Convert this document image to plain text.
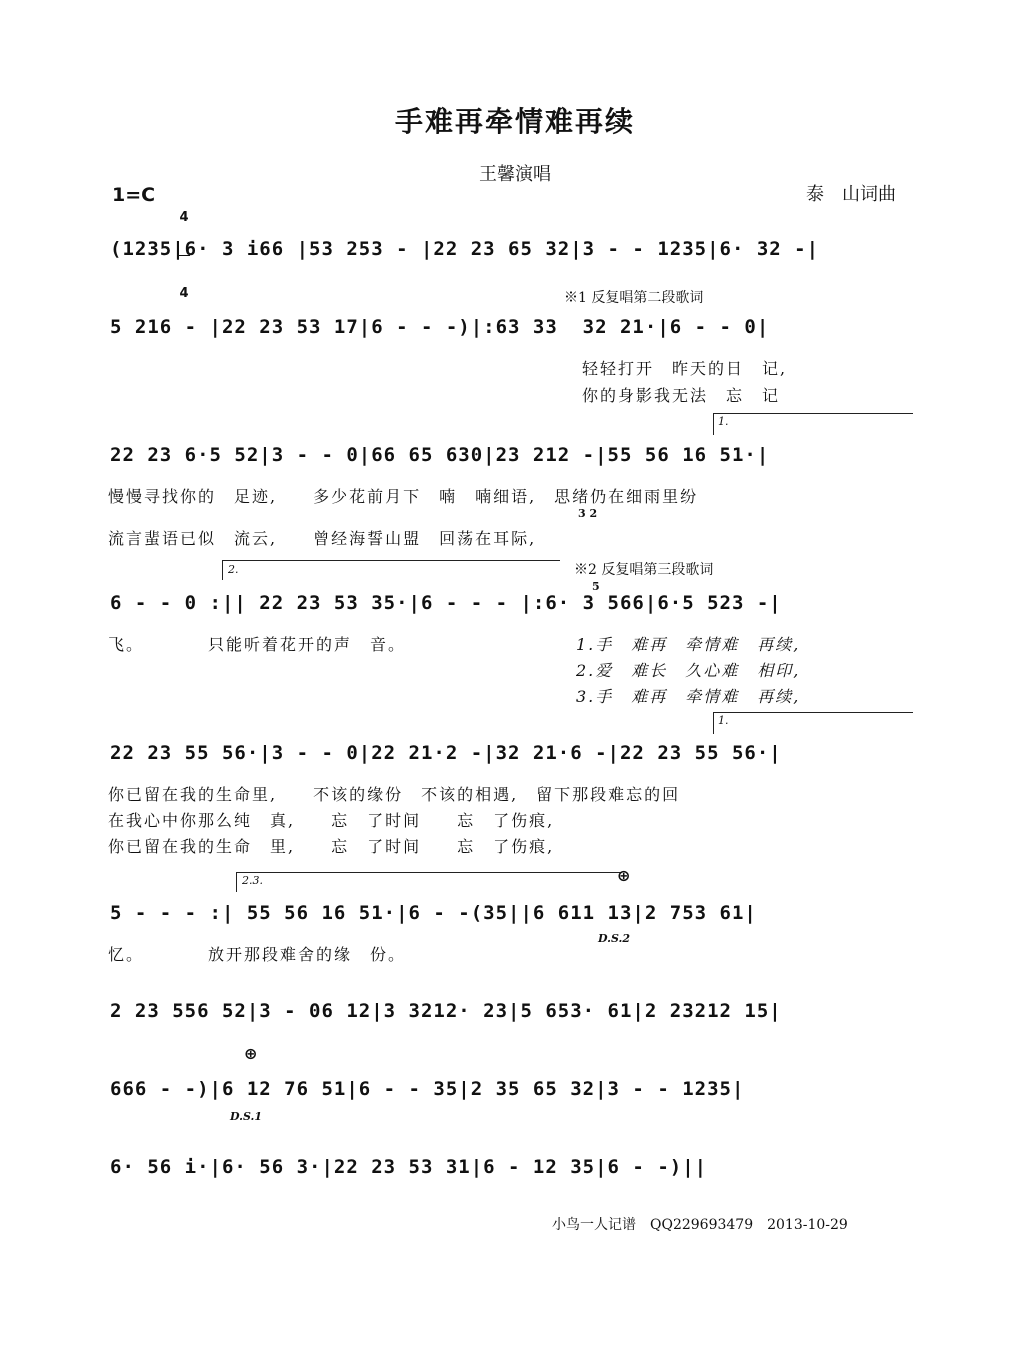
手难再牵情难再续
王馨演唱
1=C

4

4

泰　山词曲
(1235|6· 3 i66 |53 253 - |22 23 65 32|3 - - 1235|6· 32 -|
※1 反复唱第二段歌词
5 216 - |22 23 53 17|6 - - -)|:63 33  32 21·|6 - - 0|
轻轻打开　昨天的日　记,
你的身影我无法　忘　记
1.
22 23 6·5 52|3 - - 0|66 65 630|23 212 -|55 56 16 51·|
慢慢寻找你的　足迹,　　多少花前月下　喃　喃细语,　思绪仍在细雨里纷
3 2
流言蜚语已似　流云,　　曾经海誓山盟　回荡在耳际,
2.	※2 反复唱第三段歌词
5
6 - - 0 :|| 22 23 53 35·|6 - - - |:6· 3 566|6·5 523 -|
飞。　　　　只能听着花开的声　音。	1.手　难再　牵情难　再续,
2.爱　难长　久心难　相印,
3.手　难再　牵情难　再续,
1.
22 23 55 56·|3 - - 0|22 21·2 -|32 21·6 -|22 23 55 56·|
你已留在我的生命里,　　不该的缘份　不该的相遇,　留下那段难忘的回
在我心中你那么纯　真,　　忘　了时间　　忘　了伤痕,
你已留在我的生命　里,　　忘　了时间　　忘　了伤痕,
2.3.	⊕
5 - - - :| 55 56 16 51·|6 - -(35||6 611 13|2 753 61|
D.S.2
忆。　　　　放开那段难舍的缘　份。
2 23 556 52|3 - 06 12|3 3212· 23|5 653· 61|2 23212 15|
⊕
666 - -)|6 12 76 51|6 - - 35|2 35 65 32|3 - - 1235|
D.S.1
6· 56 i·|6· 56 3·|22 23 53 31|6 - 12 35|6 - -)||
小鸟一人记谱　QQ229693479　2013-10-29
